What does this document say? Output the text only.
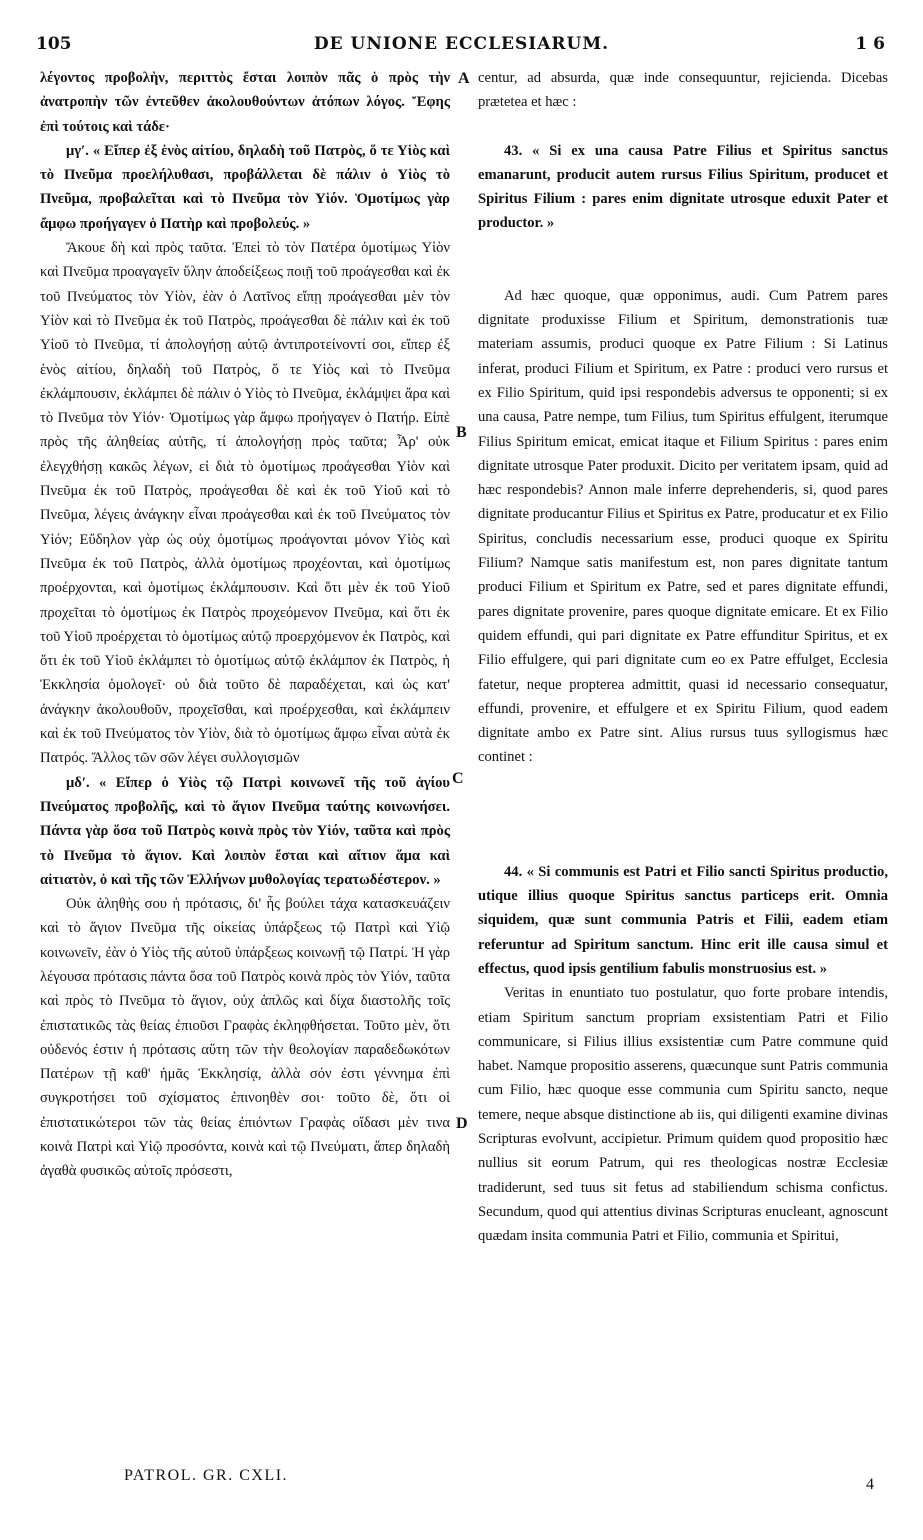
105	DE UNIONE ECCLESIARUM.	1 6

λέγοντος προβολὴν, περιττὸς ἔσται λοιπὸν πᾶς ὁ πρὸς τὴν ἀνατροπὴν τῶν ἐντεῦθεν ἀκολουθούντων ἀτόπων λόγος. Ἔφης ἐπὶ τούτοις καὶ τάδε·

μγʹ. « Εἴπερ ἐξ ἑνὸς αἰτίου, δηλαδὴ τοῦ Πατρὸς, ὅ τε Υἱὸς καὶ τὸ Πνεῦμα προελήλυθασι, προβάλλεται δὲ πάλιν ὁ Υἱὸς τὸ Πνεῦμα, προβαλεῖται καὶ τὸ Πνεῦμα τὸν Υἱόν. Ὁμοτίμως γὰρ ἄμφω προήγαγεν ὁ Πατὴρ καὶ προβολεύς. »

Ἄκουε δὴ καὶ πρὸς ταῦτα. Ἐπεὶ τὸ τὸν Πατέρα ὁμοτίμως Υἱὸν καὶ Πνεῦμα προαγαγεῖν ὕλην ἀποδείξεως ποιῇ τοῦ προάγεσθαι καὶ ἐκ τοῦ Πνεύματος τὸν Υἱὸν, ἐὰν ὁ Λατῖνος εἴπῃ προάγεσθαι μὲν τὸν Υἱὸν καὶ τὸ Πνεῦμα ἐκ τοῦ Πατρὸς, προάγεσθαι δὲ πάλιν καὶ ἐκ τοῦ Υἱοῦ τὸ Πνεῦμα, τί ἀπολογήσῃ αὐτῷ ἀντιπροτείνοντί σοι, εἴπερ ἐξ ἑνὸς αἰτίου, δηλαδὴ τοῦ Πατρὸς, ὅ τε Υἱὸς καὶ τὸ Πνεῦμα ἐκλάμπουσιν, ἐκλάμπει δὲ πάλιν ὁ Υἱὸς τὸ Πνεῦμα, ἐκλάμψει ἄρα καὶ τὸ Πνεῦμα τὸν Υἱόν· Ὁμοτίμως γὰρ ἄμφω προήγαγεν ὁ Πατήρ. Εἰπὲ πρὸς τῆς ἀληθείας αὐτῆς, τί ἀπολογήσῃ πρὸς ταῦτα; Ἆρ' οὐκ ἐλεγχθήσῃ κακῶς λέγων, εἰ διὰ τὸ ὁμοτίμως προάγεσθαι Υἱὸν καὶ Πνεῦμα ἐκ τοῦ Πατρὸς, προάγεσθαι δὲ καὶ ἐκ τοῦ Υἱοῦ καὶ τὸ Πνεῦμα, λέγεις ἀνάγκην εἶναι προάγεσθαι καὶ ἐκ τοῦ Πνεύματος τὸν Υἱόν; Εὔδηλον γὰρ ὡς οὐχ ὁμοτίμως προάγονται μόνον Υἱὸς καὶ Πνεῦμα ἐκ τοῦ Πατρὸς, ἀλλὰ ὁμοτίμως προχέονται, καὶ ὁμοτίμως προέρχονται, καὶ ὁμοτίμως ἐκλάμπουσιν. Καὶ ὅτι μὲν ἐκ τοῦ Υἱοῦ προχεῖται τὸ ὁμοτίμως ἐκ Πατρὸς προχεόμενον Πνεῦμα, καὶ ὅτι ἐκ τοῦ Υἱοῦ προέρχεται τὸ ὁμοτίμως αὐτῷ προερχόμενον ἐκ Πατρὸς, καὶ ὅτι ἐκ τοῦ Υἱοῦ ἐκλάμπει τὸ ὁμοτίμως αὐτῷ ἐκλάμπον ἐκ Πατρὸς, ἡ Ἐκκλησία ὁμολογεῖ· οὐ διὰ τοῦτο δὲ παραδέχεται, καὶ ὡς κατ' ἀνάγκην ἀκολουθοῦν, προχεῖσθαι, καὶ προέρχεσθαι, καὶ ἐκλάμπειν καὶ ἐκ τοῦ Πνεύματος τὸν Υἱὸν, διὰ τὸ ὁμοτίμως ἄμφω εἶναι αὐτὰ ἐκ Πατρός. Ἄλλος τῶν σῶν λέγει συλλογισμῶν

μδʹ. « Εἴπερ ὁ Υἱὸς τῷ Πατρὶ κοινωνεῖ τῆς τοῦ ἁγίου Πνεύματος προβολῆς, καὶ τὸ ἅγιον Πνεῦμα ταύτης κοινωνήσει. Πάντα γὰρ ὅσα τοῦ Πατρὸς κοινὰ πρὸς τὸν Υἱόν, ταῦτα καὶ πρὸς τὸ Πνεῦμα τὸ ἅγιον. Καὶ λοιπὸν ἔσται καὶ αἴτιον ἅμα καὶ αἰτιατὸν, ὁ καὶ τῆς τῶν Ἑλλήνων μυθολογίας τερατωδέστερον. »

Οὐκ ἀληθὴς σου ἡ πρότασις, δι' ἧς βούλει τάχα κατασκευάζειν καὶ τὸ ἅγιον Πνεῦμα τῆς οἰκείας ὑπάρξεως τῷ Πατρὶ καὶ Υἱῷ κοινωνεῖν, ἐὰν ὁ Υἱὸς τῆς αὐτοῦ ὑπάρξεως κοινωνῇ τῷ Πατρί. Ἡ γὰρ λέγουσα πρότασις πάντα ὅσα τοῦ Πατρὸς κοινὰ πρὸς τὸν Υἱόν, ταῦτα καὶ πρὸς τὸ Πνεῦμα τὸ ἅγιον, οὐχ ἁπλῶς καὶ δίχα διαστολῆς τοῖς ἐπιστατικῶς τὰς θείας ἐπιοῦσι Γραφὰς ἐκληφθήσεται. Τοῦτο μὲν, ὅτι οὐδενός ἐστιν ἡ πρότασις αὕτη τῶν τὴν θεολογίαν παραδεδωκότων Πατέρων τῇ καθ' ἡμᾶς Ἐκκλησίᾳ, ἀλλὰ σόν ἐστι γέννημα ἐπὶ συγκροτήσει τοῦ σχίσματος ἐπινοηθὲν σοι· τοῦτο δὲ, ὅτι οἱ ἐπιστατικώτεροι τῶν τὰς θείας ἐπιόντων Γραφὰς οἴδασι μὲν τινα κοινὰ Πατρὶ καὶ Υἱῷ προσόντα, κοινὰ καὶ τῷ Πνεύματι, ἅπερ δηλαδὴ ἀγαθὰ φυσικῶς αὐτοῖς πρόσεστι,

centur, ad absurda, quæ inde consequuntur, rejicienda. Dicebas prætetea et hæc :

43. « Si ex una causa Patre Filius et Spiritus sanctus emanarunt, producit autem rursus Filius Spiritum, producet et Spiritus Filium : pares enim dignitate utrosque eduxit Pater et productor. »

Ad hæc quoque, quæ opponimus, audi. Cum Patrem pares dignitate produxisse Filium et Spiritum, demonstrationis tuæ materiam assumis, produci quoque ex Patre Filium : Si Latinus inferat, produci Filium et Spiritum, ex Patre : produci vero rursus et ex Filio Spiritum, quid ipsi respondebis adversus te opponenti; si ex una causa, Patre nempe, tum Filius, tum Spiritus effulgent, iterumque Filius Spiritum emicat, emicat itaque et Filium Spiritus : pares enim dignitate utrosque Pater produxit. Dicito per veritatem ipsam, quid ad hæc respondebis? Annon male inferre deprehenderis, si, quod pares dignitate producantur Filius et Spiritus ex Patre, producatur et ex Filio Spiritus, concludis necessarium esse, produci quoque ex Spiritu Filium? Namque satis manifestum est, non pares dignitate tantum produci Filium et Spiritum ex Patre, sed et pares dignitate effundi, pares dignitate provenire, pares quoque dignitate emicare. Et ex Filio quidem effundi, qui pari dignitate ex Patre effunditur Spiritus, et ex Filio effulgere, qui pari dignitate cum eo ex Patre effulget, Ecclesia fatetur, neque propterea admittit, quasi id necessario consequatur, effundi, provenire, et effulgere et ex Spiritu Filium, quod eadem dignitate ambo ex Patre sint. Alius rursus tuus syllogismus hæc continet :

44. « Si communis est Patri et Filio sancti Spiritus productio, utique illius quoque Spiritus sanctus particeps erit. Omnia siquidem, quæ sunt communia Patris et Filii, eadem etiam referuntur ad Spiritum sanctum. Hinc erit ille causa simul et effectus, quod ipsis gentilium fabulis monstruosius est. »

Veritas in enuntiato tuo postulatur, quo forte probare intendis, etiam Spiritum sanctum propriam exsistentiam Patri et Filio communicare, si Filius illius exsistentiæ cum Patre commune quid habet. Namque propositio asserens, quæcunque sunt Patris communia cum Filio, hæc quoque esse communia cum Spiritu sancto, neque temere, neque absque distinctione ab iis, qui diligenti examine divinas Scripturas evolvunt, accipietur. Primum quidem quod propositio hæc nullius sit eorum Patrum, qui res theologicas nostræ Ecclesiæ tradiderunt, sed tuus sit fetus ad stabiliendum schisma confictus. Secundum, quod qui attentius divinas Scripturas enucleant, agnoscunt quædam insita communia Patri et Filio, communia et Spiritui,

A
B
C
D
PATROL. GR. CXLI.
4
